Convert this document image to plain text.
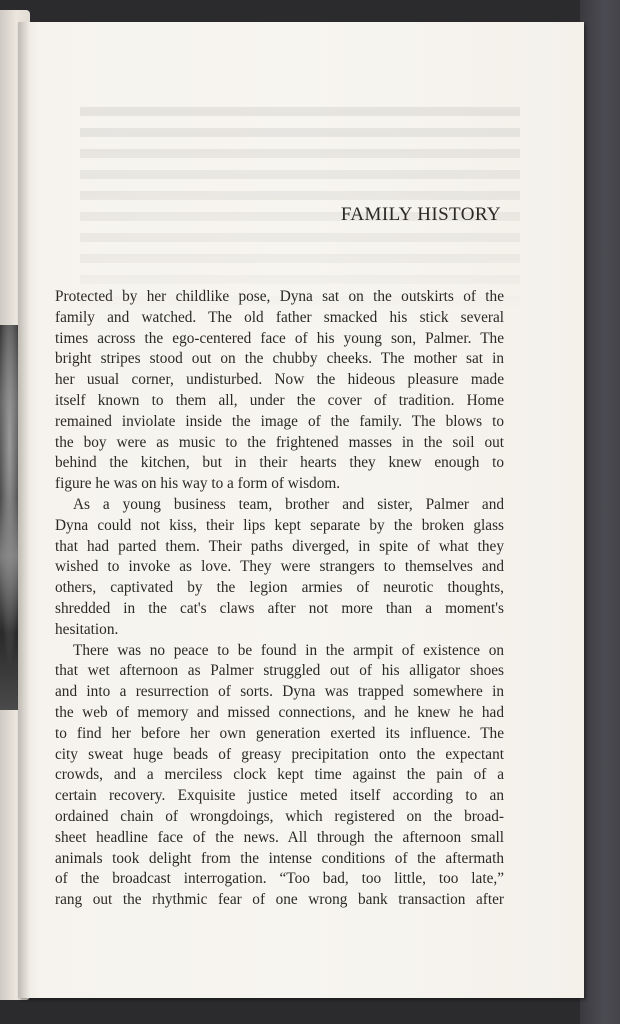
FAMILY HISTORY
Protected by her childlike pose, Dyna sat on the outskirts of the
family and watched. The old father smacked his stick several
times across the ego-centered face of his young son, Palmer. The
bright stripes stood out on the chubby cheeks. The mother sat in
her usual corner, undisturbed. Now the hideous pleasure made
itself known to them all, under the cover of tradition. Home
remained inviolate inside the image of the family. The blows to
the boy were as music to the frightened masses in the soil out
behind the kitchen, but in their hearts they knew enough to
figure he was on his way to a form of wisdom.
As a young business team, brother and sister, Palmer and
Dyna could not kiss, their lips kept separate by the broken glass
that had parted them. Their paths diverged, in spite of what they
wished to invoke as love. They were strangers to themselves and
others, captivated by the legion armies of neurotic thoughts,
shredded in the cat's claws after not more than a moment's
hesitation.
There was no peace to be found in the armpit of existence on
that wet afternoon as Palmer struggled out of his alligator shoes
and into a resurrection of sorts. Dyna was trapped somewhere in
the web of memory and missed connections, and he knew he had
to find her before her own generation exerted its influence. The
city sweat huge beads of greasy precipitation onto the expectant
crowds, and a merciless clock kept time against the pain of a
certain recovery. Exquisite justice meted itself according to an
ordained chain of wrongdoings, which registered on the broad-
sheet headline face of the news. All through the afternoon small
animals took delight from the intense conditions of the aftermath
of the broadcast interrogation. “Too bad, too little, too late,”
rang out the rhythmic fear of one wrong bank transaction after
